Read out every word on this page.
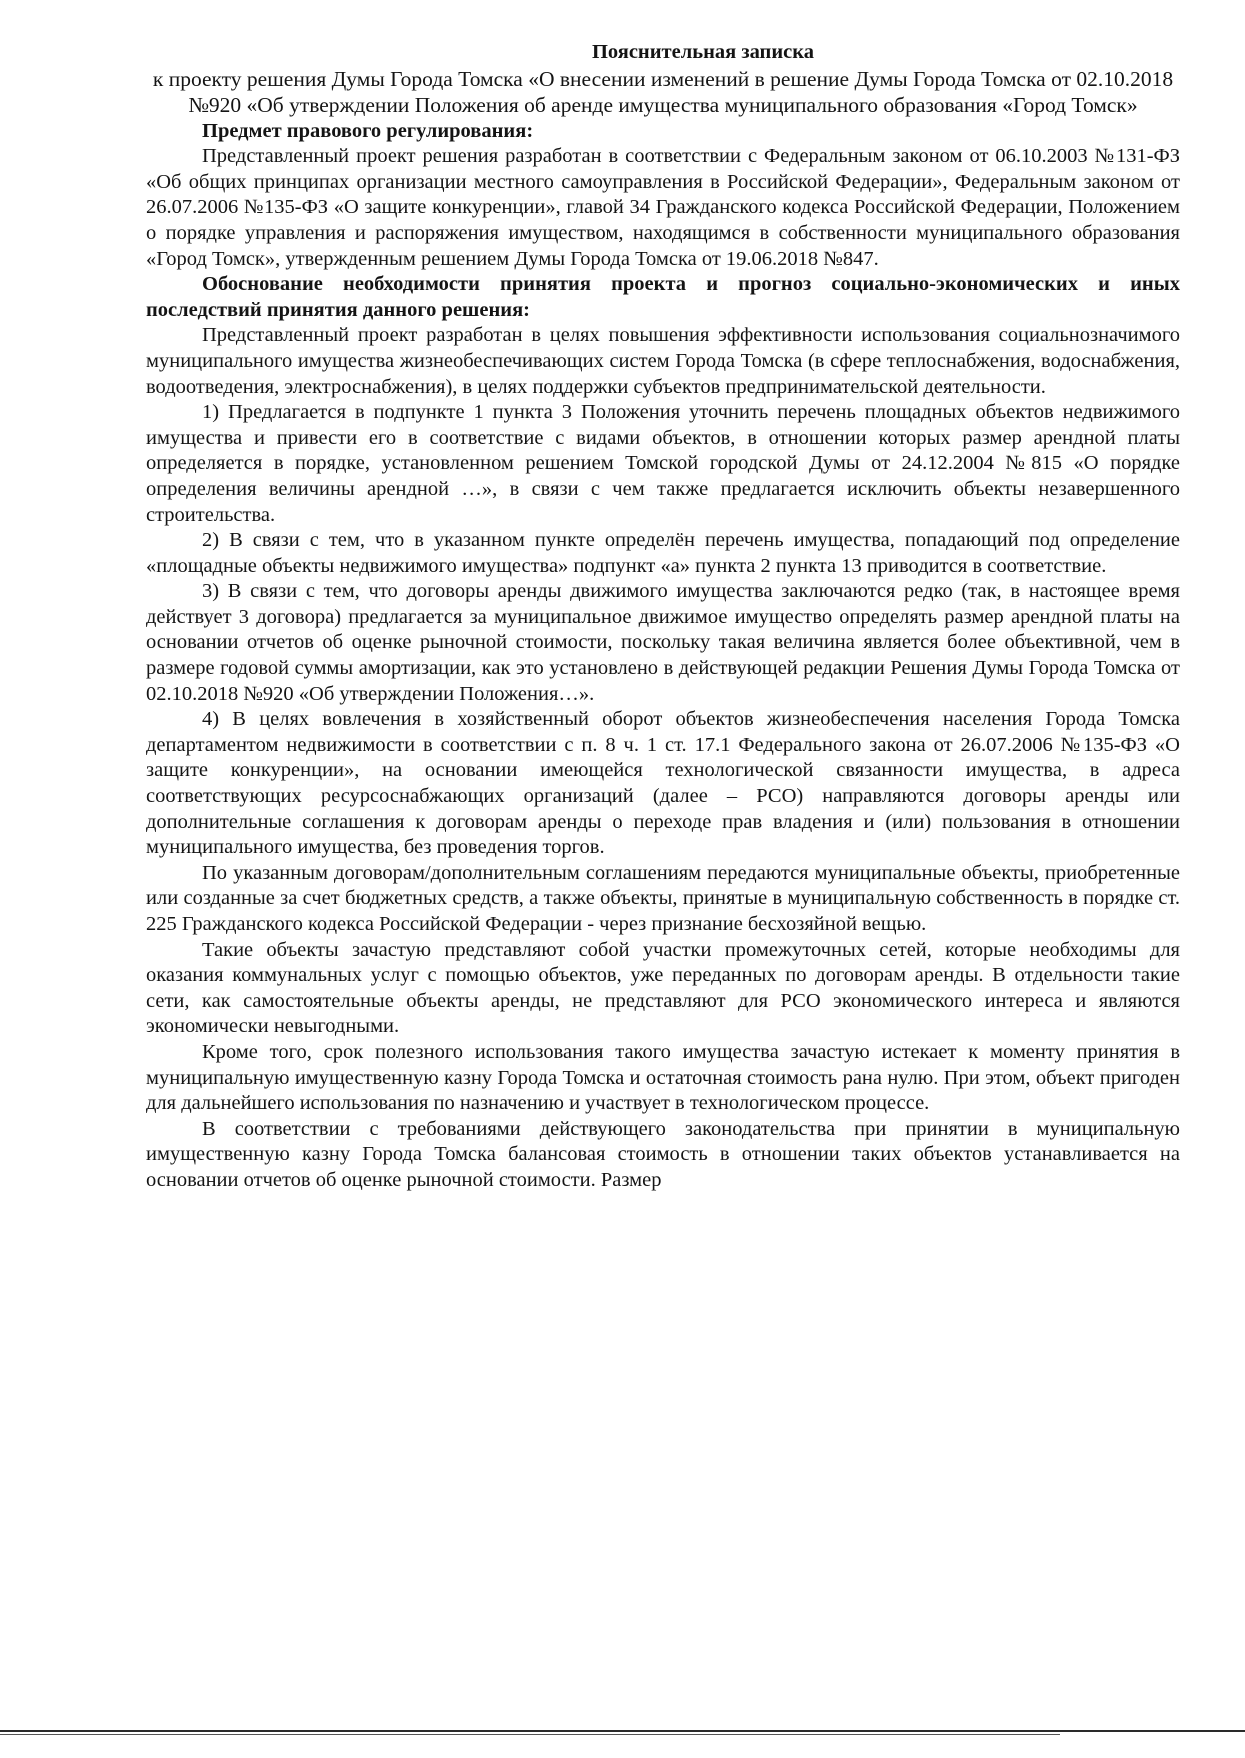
Пояснительная записка

к проекту решения Думы Города Томска «О внесении изменений в решение Думы Города Томска от 02.10.2018 №920 «Об утверждении Положения об аренде имущества муниципального образования «Город Томск»

Предмет правового регулирования:

Представленный проект решения разработан в соответствии с Федеральным законом от 06.10.2003 №131-ФЗ «Об общих принципах организации местного самоуправления в Российской Федерации», Федеральным законом от 26.07.2006 №135-ФЗ «О защите конкуренции», главой 34 Гражданского кодекса Российской Федерации, Положением о порядке управления и распоряжения имуществом, находящимся в собственности муниципального образования «Город Томск», утвержденным решением Думы Города Томска от 19.06.2018 №847.

Обоснование необходимости принятия проекта и прогноз социально-экономических и иных последствий принятия данного решения:

Представленный проект разработан в целях повышения эффективности использования социальнозначимого муниципального имущества жизнеобеспечивающих систем Города Томска (в сфере теплоснабжения, водоснабжения, водоотведения, электроснабжения), в целях поддержки субъектов предпринимательской деятельности.

1) Предлагается в подпункте 1 пункта 3 Положения уточнить перечень площадных объектов недвижимого имущества и привести его в соответствие с видами объектов, в отношении которых размер арендной платы определяется в порядке, установленном решением Томской городской Думы от 24.12.2004 №815 «О порядке определения величины арендной …», в связи с чем также предлагается исключить объекты незавершенного строительства.

2) В связи с тем, что в указанном пункте определён перечень имущества, попадающий под определение «площадные объекты недвижимого имущества» подпункт «а» пункта 2 пункта 13 приводится в соответствие.

3) В связи с тем, что договоры аренды движимого имущества заключаются редко (так, в настоящее время действует 3 договора) предлагается за муниципальное движимое имущество определять размер арендной платы на основании отчетов об оценке рыночной стоимости, поскольку такая величина является более объективной, чем в размере годовой суммы амортизации, как это установлено в действующей редакции Решения Думы Города Томска от 02.10.2018 №920 «Об утверждении Положения…».

4) В целях вовлечения в хозяйственный оборот объектов жизнеобеспечения населения Города Томска департаментом недвижимости в соответствии с п. 8 ч. 1 ст. 17.1 Федерального закона от 26.07.2006 №135-ФЗ «О защите конкуренции», на основании имеющейся технологической связанности имущества, в адреса соответствующих ресурсоснабжающих организаций (далее – РСО) направляются договоры аренды или дополнительные соглашения к договорам аренды о переходе прав владения и (или) пользования в отношении муниципального имущества, без проведения торгов.

По указанным договорам/дополнительным соглашениям передаются муниципальные объекты, приобретенные или созданные за счет бюджетных средств, а также объекты, принятые в муниципальную собственность в порядке ст. 225 Гражданского кодекса Российской Федерации - через признание бесхозяйной вещью.

Такие объекты зачастую представляют собой участки промежуточных сетей, которые необходимы для оказания коммунальных услуг с помощью объектов, уже переданных по договорам аренды. В отдельности такие сети, как самостоятельные объекты аренды, не представляют для РСО экономического интереса и являются экономически невыгодными.

Кроме того, срок полезного использования такого имущества зачастую истекает к моменту принятия в муниципальную имущественную казну Города Томска и остаточная стоимость рана нулю. При этом, объект пригоден для дальнейшего использования по назначению и участвует в технологическом процессе.

В соответствии с требованиями действующего законодательства при принятии в муниципальную имущественную казну Города Томска балансовая стоимость в отношении таких объектов устанавливается на основании отчетов об оценке рыночной стоимости. Размер
